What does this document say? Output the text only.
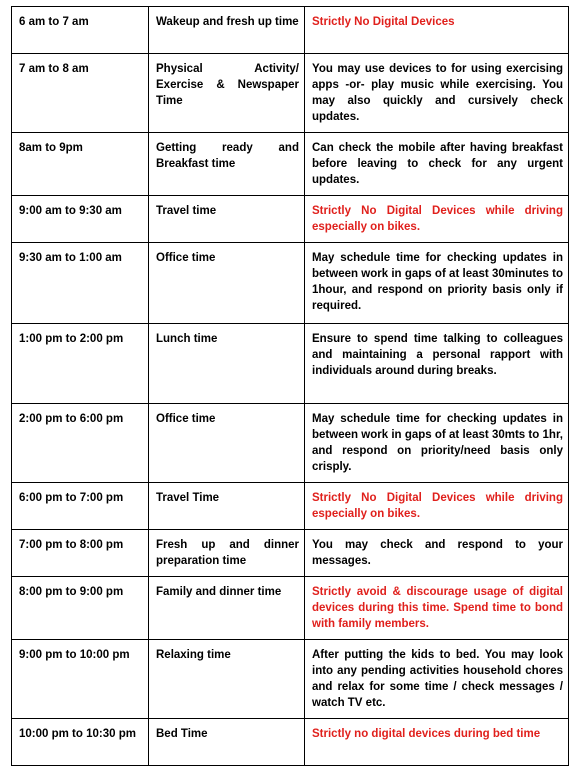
6 am to 7 am	Wakeup and fresh up time	Strictly No Digital Devices
7 am to 8 am	Physical Activity/ Exercise & Newspaper Time	You may use devices to for using exercising apps -or- play music while exercising. You may also quickly and cursively check updates.
8am to 9pm	Getting ready and Breakfast time	Can check the mobile after having breakfast before leaving to check for any urgent updates.
9:00 am to 9:30 am	Travel time	Strictly No Digital Devices while driving especially on bikes.
9:30 am to 1:00 am	Office time	May schedule time for checking updates in between work in gaps of at least 30minutes to 1hour, and respond on priority basis only if required.
1:00 pm to 2:00 pm	Lunch time	Ensure to spend time talking to colleagues and maintaining a personal rapport with individuals around during breaks.
2:00 pm to 6:00 pm	Office time	May schedule time for checking updates in between work in gaps of at least 30mts to 1hr, and respond on priority/need basis only crisply.
6:00 pm to 7:00 pm	Travel Time	Strictly No Digital Devices while driving especially on bikes.
7:00 pm to 8:00 pm	Fresh up and dinner preparation time	You may check and respond to your messages.
8:00 pm to 9:00 pm	Family and dinner time	Strictly avoid & discourage usage of digital devices during this time. Spend time to bond with family members.
9:00 pm to 10:00 pm	Relaxing time	After putting the kids to bed. You may look into any pending activities household chores and relax for some time / check messages / watch TV etc.
10:00 pm to 10:30 pm	Bed Time	Strictly no digital devices during bed time
